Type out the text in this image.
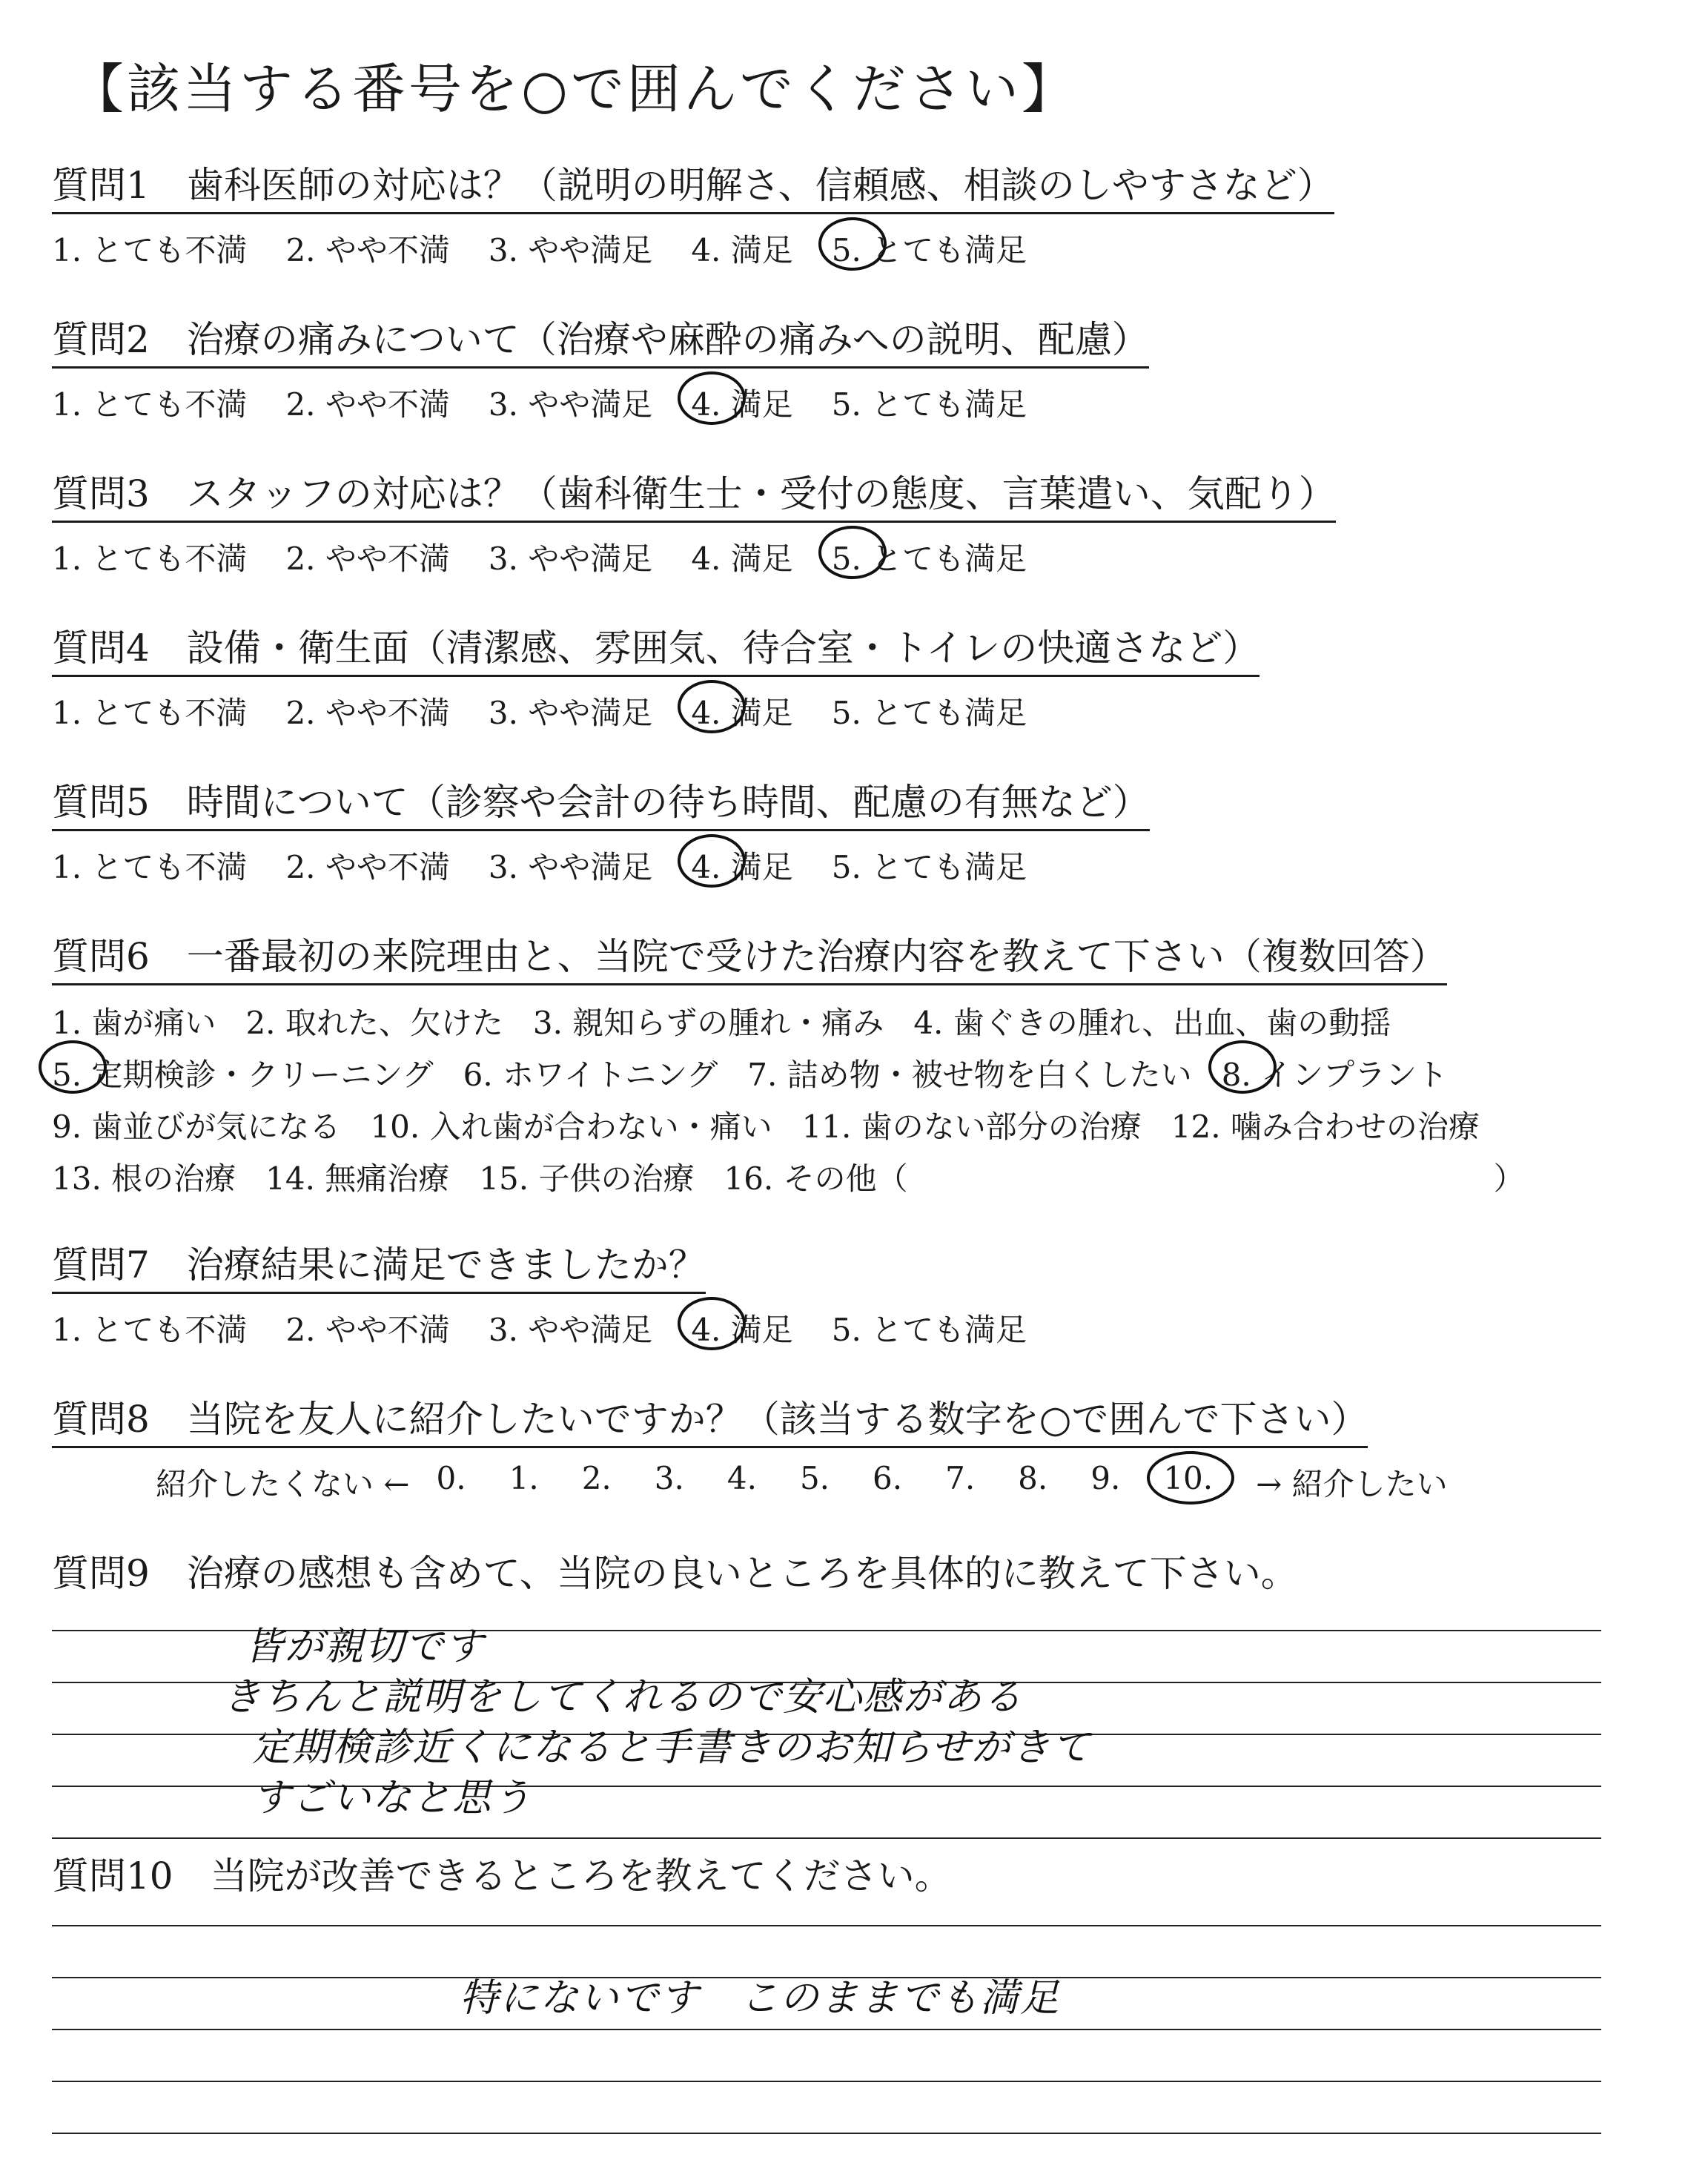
【該当する番号を○で囲んでください】
質問1　歯科医師の対応は？（説明の明解さ、信頼感、相談のしやすさなど）
1. とても不満 2. やや不満 3. やや満足 4. 満足 5. とても満足
質問2　治療の痛みについて（治療や麻酔の痛みへの説明、配慮）
1. とても不満 2. やや不満 3. やや満足 4. 満足 5. とても満足
質問3　スタッフの対応は？（歯科衛生士・受付の態度、言葉遣い、気配り）
1. とても不満 2. やや不満 3. やや満足 4. 満足 5. とても満足
質問4　設備・衛生面（清潔感、雰囲気、待合室・トイレの快適さなど）
1. とても不満 2. やや不満 3. やや満足 4. 満足 5. とても満足
質問5　時間について（診察や会計の待ち時間、配慮の有無など）
1. とても不満 2. やや不満 3. やや満足 4. 満足 5. とても満足
質問6　一番最初の来院理由と、当院で受けた治療内容を教えて下さい（複数回答）
1. 歯が痛い 2. 取れた、欠けた 3. 親知らずの腫れ・痛み 4. 歯ぐきの腫れ、出血、歯の動揺
5. 定期検診・クリーニング 6. ホワイトニング 7. 詰め物・被せ物を白くしたい 8. インプラント
9. 歯並びが気になる 10. 入れ歯が合わない・痛い 11. 歯のない部分の治療 12. 噛み合わせの治療
13. 根の治療 14. 無痛治療 15. 子供の治療 16. その他（	）
質問7　治療結果に満足できましたか？
1. とても不満 2. やや不満 3. やや満足 4. 満足 5. とても満足
質問8　当院を友人に紹介したいですか？（該当する数字を○で囲んで下さい）
紹介したくない ← 0. 1. 2. 3. 4. 5. 6. 7. 8. 9. 10. → 紹介したい
質問9　治療の感想も含めて、当院の良いところを具体的に教えて下さい。
皆が親切です
きちんと説明をしてくれるので安心感がある
定期検診近くになると手書きのお知らせがきて
すごいなと思う
質問10　当院が改善できるところを教えてください。
特にないです　このままでも満足
